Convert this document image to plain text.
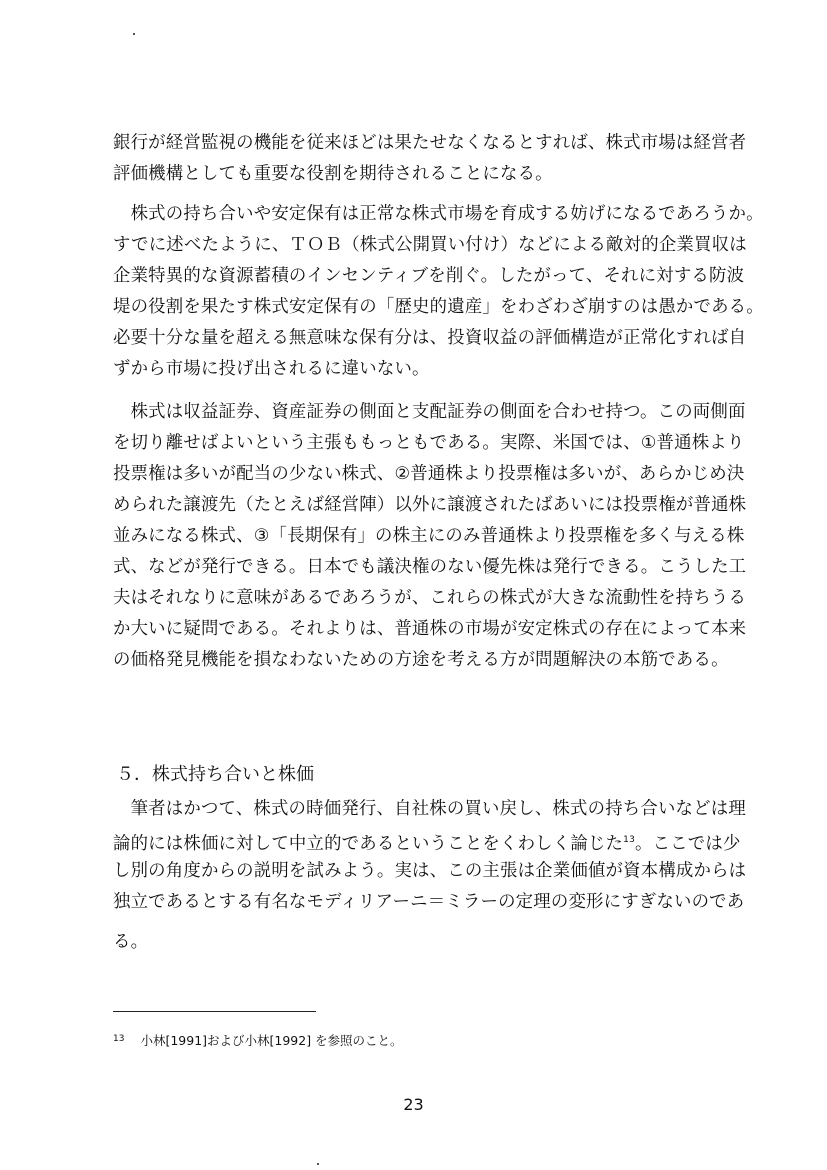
銀行が経営監視の機能を従来ほどは果たせなくなるとすれば、株式市場は経営者
評価機構としても重要な役割を期待されることになる。
　株式の持ち合いや安定保有は正常な株式市場を育成する妨げになるであろうか。
すでに述べたように、ＴＯＢ（株式公開買い付け）などによる敵対的企業買収は
企業特異的な資源蓄積のインセンティブを削ぐ。したがって、それに対する防波
堤の役割を果たす株式安定保有の「歴史的遺産」をわざわざ崩すのは愚かである。
必要十分な量を超える無意味な保有分は、投資収益の評価構造が正常化すれば自
ずから市場に投げ出されるに違いない。
　株式は収益証券、資産証券の側面と支配証券の側面を合わせ持つ。この両側面
を切り離せばよいという主張ももっともである。実際、米国では、①普通株より
投票権は多いが配当の少ない株式、②普通株より投票権は多いが、あらかじめ決
められた譲渡先（たとえば経営陣）以外に譲渡されたばあいには投票権が普通株
並みになる株式、③「長期保有」の株主にのみ普通株より投票権を多く与える株
式、などが発行できる。日本でも議決権のない優先株は発行できる。こうした工
夫はそれなりに意味があるであろうが、これらの株式が大きな流動性を持ちうる
か大いに疑問である。それよりは、普通株の市場が安定株式の存在によって本来
の価格発見機能を損なわないための方途を考える方が問題解決の本筋である。
５．株式持ち合いと株価
　筆者はかつて、株式の時価発行、自社株の買い戻し、株式の持ち合いなどは理
論的には株価に対して中立的であるということをくわしく論じた$^{13}$。ここでは少
し別の角度からの説明を試みよう。実は、この主張は企業価値が資本構成からは
独立であるとする有名なモディリアーニ＝ミラーの定理の変形にすぎないのであ
る。
$^{13}$ 小林[1991]および小林[1992] を参照のこと。
23
